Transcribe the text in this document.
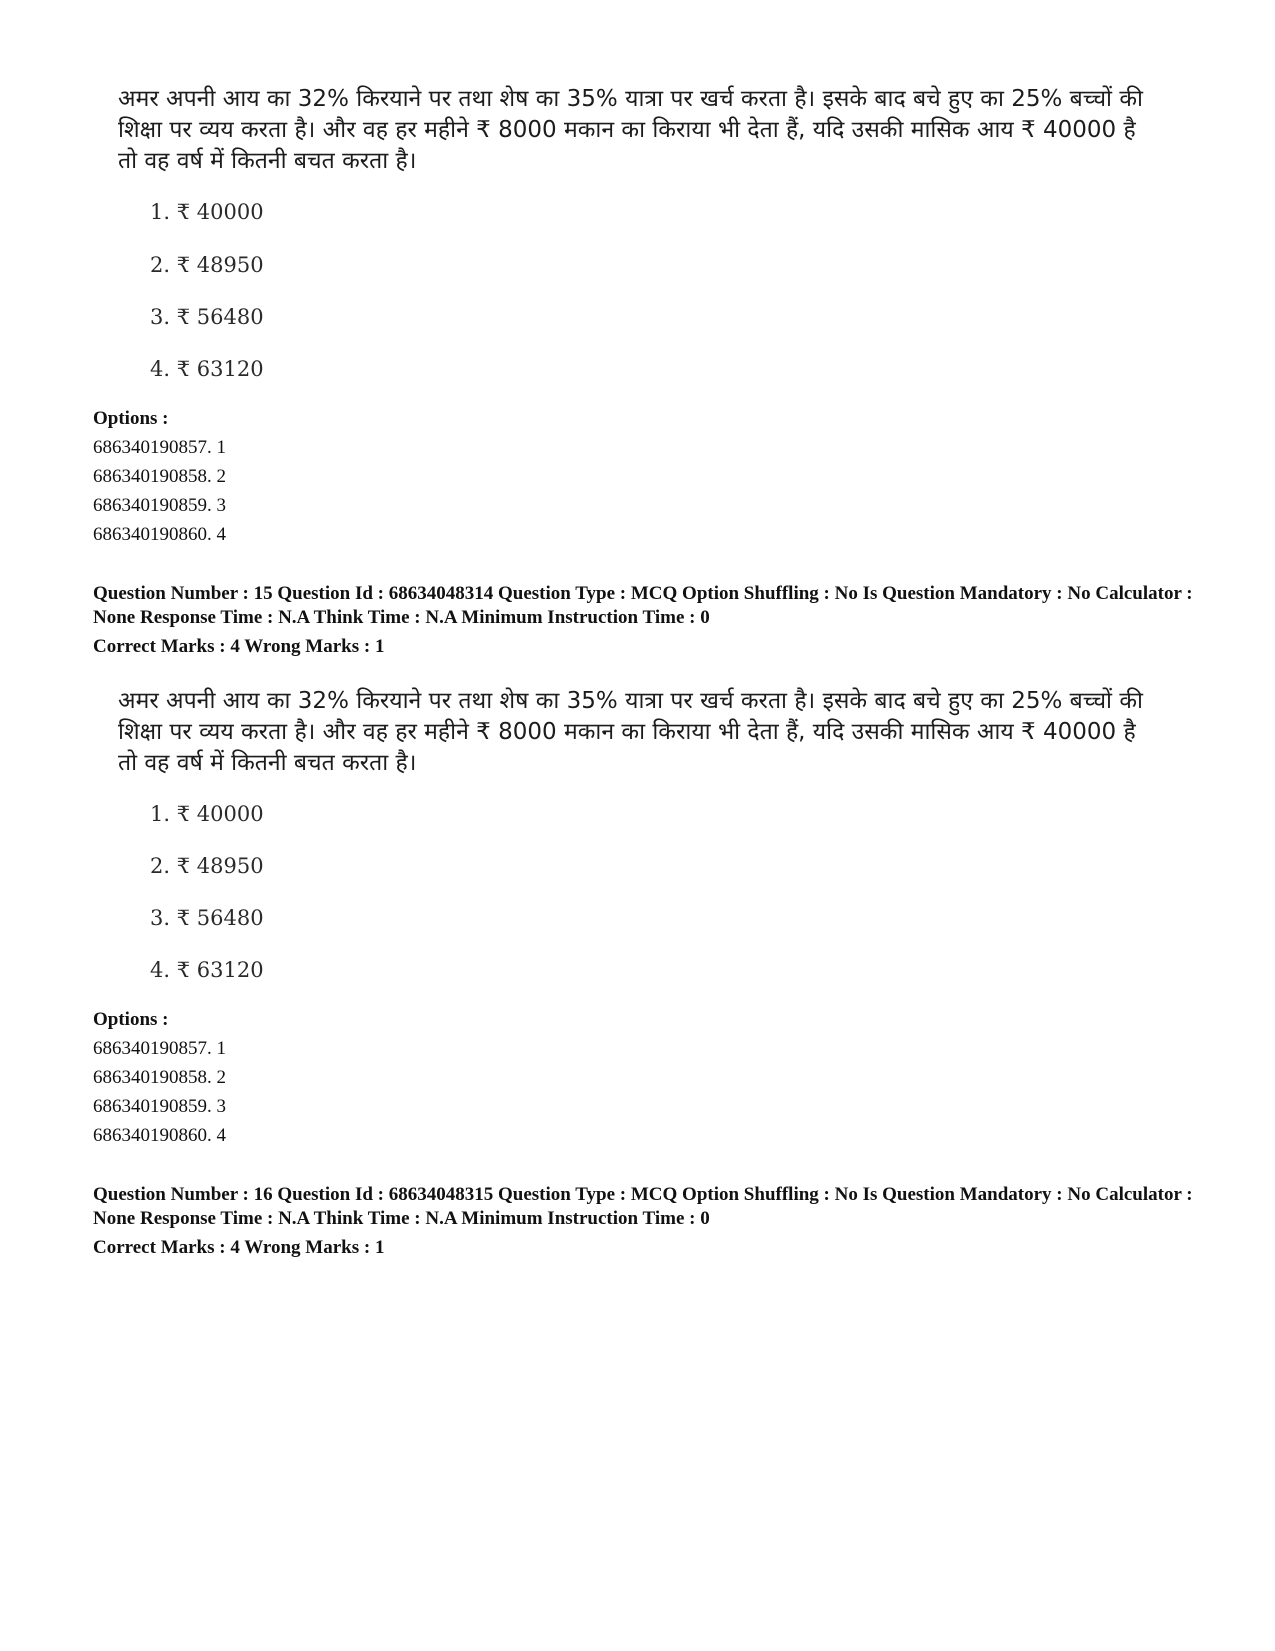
अमर अपनी आय का 32% किरयाने पर तथा शेष का 35% यात्रा पर खर्च करता है। इसके बाद बचे हुए का 25% बच्चों की शिक्षा पर व्यय करता है। और वह हर महीने ₹ 8000 मकान का किराया भी देता हैं, यदि उसकी मासिक आय ₹ 40000 है तो वह वर्ष में कितनी बचत करता है।
1. ₹ 40000
2. ₹ 48950
3. ₹ 56480
4. ₹ 63120
Options :
686340190857. 1
686340190858. 2
686340190859. 3
686340190860. 4
Question Number : 15 Question Id : 68634048314 Question Type : MCQ Option Shuffling : No Is Question Mandatory : No Calculator : None Response Time : N.A Think Time : N.A Minimum Instruction Time : 0
Correct Marks : 4 Wrong Marks : 1
अमर अपनी आय का 32% किरयाने पर तथा शेष का 35% यात्रा पर खर्च करता है। इसके बाद बचे हुए का 25% बच्चों की शिक्षा पर व्यय करता है। और वह हर महीने ₹ 8000 मकान का किराया भी देता हैं, यदि उसकी मासिक आय ₹ 40000 है तो वह वर्ष में कितनी बचत करता है।
1. ₹ 40000
2. ₹ 48950
3. ₹ 56480
4. ₹ 63120
Options :
686340190857. 1
686340190858. 2
686340190859. 3
686340190860. 4
Question Number : 16 Question Id : 68634048315 Question Type : MCQ Option Shuffling : No Is Question Mandatory : No Calculator : None Response Time : N.A Think Time : N.A Minimum Instruction Time : 0
Correct Marks : 4 Wrong Marks : 1
